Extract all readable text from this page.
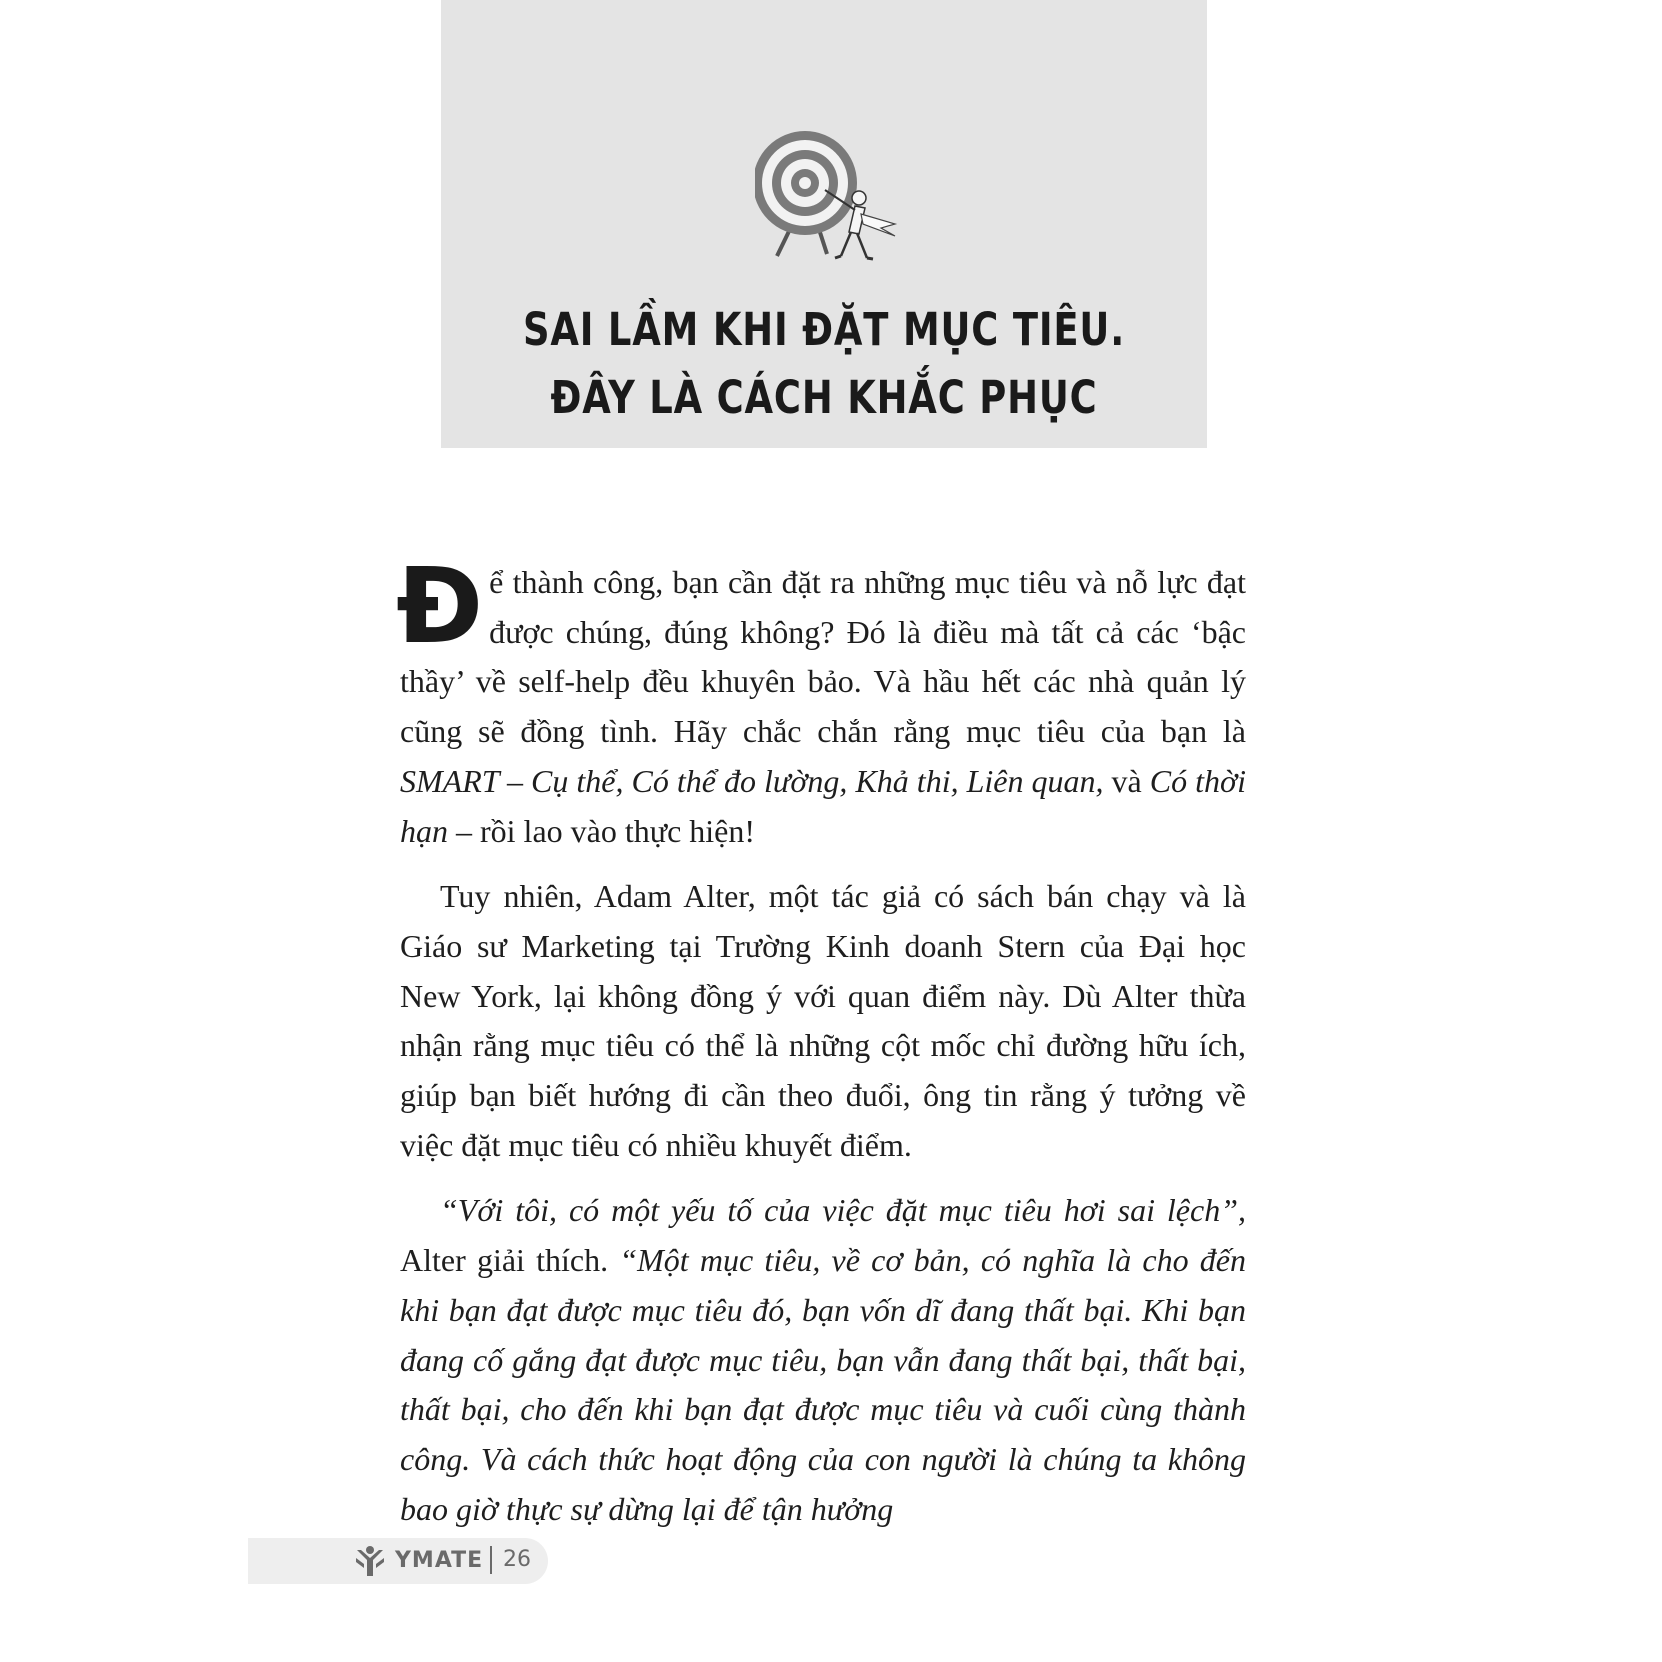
SAI LẦM KHI ĐẶT MỤC TIÊU.
ĐÂY LÀ CÁCH KHẮC PHỤC

Để thành công, bạn cần đặt ra những mục tiêu và nỗ lực đạt được chúng, đúng không? Đó là điều mà tất cả các ‘bậc thầy’ về self-help đều khuyên bảo. Và hầu hết các nhà quản lý cũng sẽ đồng tình. Hãy chắc chắn rằng mục tiêu của bạn là SMART – Cụ thể, Có thể đo lường, Khả thi, Liên quan, và Có thời hạn – rồi lao vào thực hiện!

Tuy nhiên, Adam Alter, một tác giả có sách bán chạy và là Giáo sư Marketing tại Trường Kinh doanh Stern của Đại học New York, lại không đồng ý với quan điểm này. Dù Alter thừa nhận rằng mục tiêu có thể là những cột mốc chỉ đường hữu ích, giúp bạn biết hướng đi cần theo đuổi, ông tin rằng ý tưởng về việc đặt mục tiêu có nhiều khuyết điểm.

“Với tôi, có một yếu tố của việc đặt mục tiêu hơi sai lệch”, Alter giải thích. “Một mục tiêu, về cơ bản, có nghĩa là cho đến khi bạn đạt được mục tiêu đó, bạn vốn dĩ đang thất bại. Khi bạn đang cố gắng đạt được mục tiêu, bạn vẫn đang thất bại, thất bại, thất bại, cho đến khi bạn đạt được mục tiêu và cuối cùng thành công. Và cách thức hoạt động của con người là chúng ta không bao giờ thực sự dừng lại để tận hưởng

YMATE 26
